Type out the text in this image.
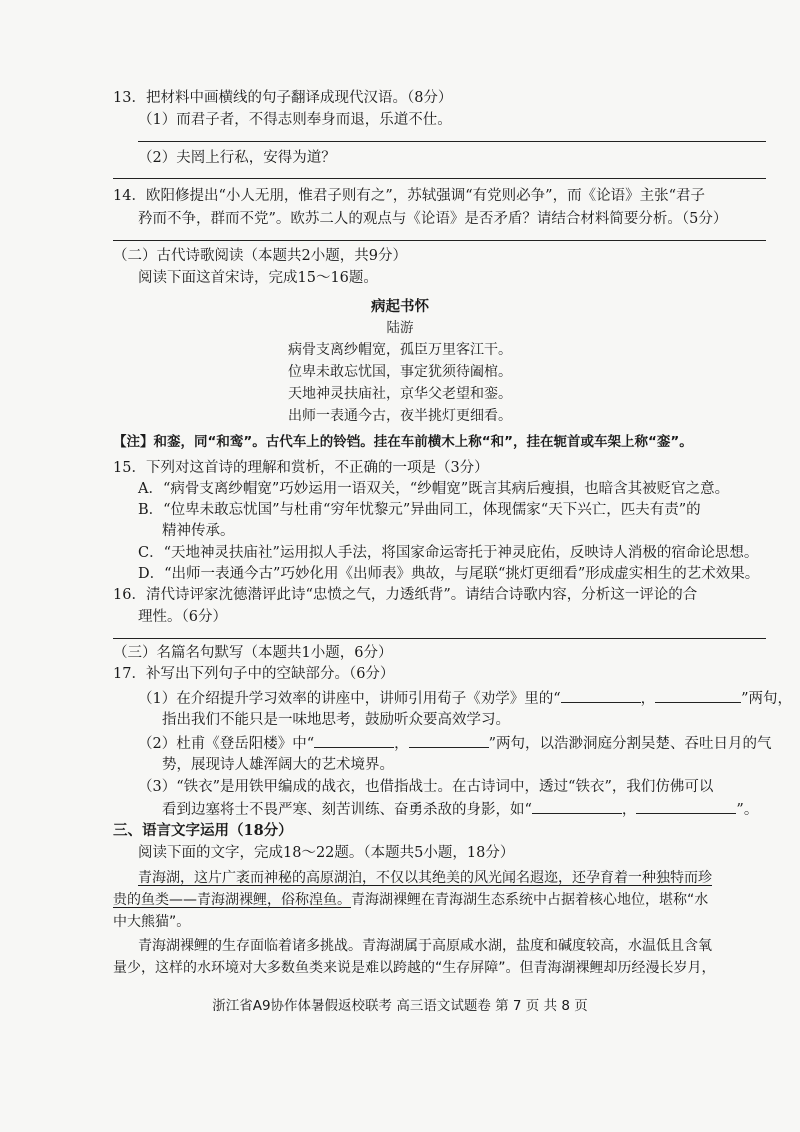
13．把材料中画横线的句子翻译成现代汉语。（8分）
（1）而君子者，不得志则奉身而退，乐道不仕。
（2）夫罔上行私，安得为道？
14．欧阳修提出“小人无朋，惟君子则有之”，苏轼强调“有党则必争”，而《论语》主张“君子
矜而不争，群而不党”。欧苏二人的观点与《论语》是否矛盾？请结合材料简要分析。（5分）
（二）古代诗歌阅读（本题共2小题，共9分）
阅读下面这首宋诗，完成15～16题。
病起书怀
陆游
病骨支离纱帽宽，孤臣万里客江干。
位卑未敢忘忧国，事定犹须待阖棺。
天地神灵扶庙社，京华父老望和銮。
出师一表通今古，夜半挑灯更细看。
【注】和銮，同“和鸾”。古代车上的铃铛。挂在车前横木上称“和”，挂在轭首或车架上称“銮”。
15．下列对这首诗的理解和赏析，不正确的一项是（3分）
A．“病骨支离纱帽宽”巧妙运用一语双关，“纱帽宽”既言其病后瘦損，也暗含其被贬官之意。
B．“位卑未敢忘忧国”与杜甫“穷年忧黎元”异曲同工，体现儒家“天下兴亡，匹夫有责”的
精神传承。
C．“天地神灵扶庙社”运用拟人手法，将国家命运寄托于神灵庇佑，反映诗人消极的宿命论思想。
D．“出师一表通今古”巧妙化用《出师表》典故，与尾联“挑灯更细看”形成虚实相生的艺术效果。
16．清代诗评家沈德潜评此诗“忠愤之气，力透纸背”。请结合诗歌内容，分析这一评论的合
理性。（6分）
（三）名篇名句默写（本题共1小题，6分）
17．补写出下列句子中的空缺部分。（6分）
（1）在介绍提升学习效率的讲座中，讲师引用荀子《劝学》里的“	，	”两句，
指出我们不能只是一味地思考，鼓励听众要高效学习。
（2）杜甫《登岳阳楼》中“	，	”两句，以浩渺洞庭分割吴楚、吞吐日月的气
势，展现诗人雄浑阔大的艺术境界。
（3）“铁衣”是用铁甲编成的战衣，也借指战士。在古诗词中，透过“铁衣”，我们仿佛可以
看到边塞将士不畏严寒、刻苦训练、奋勇杀敌的身影，如“	，	”。
三、语言文字运用（18分）
阅读下面的文字，完成18～22题。（本题共5小题，18分）
青海湖，这片广袤而神秘的高原湖泊，不仅以其绝美的风光闻名遐迩，还孕育着一种独特而珍
贵的鱼类——青海湖裸鲤，俗称湟鱼。青海湖裸鲤在青海湖生态系统中占据着核心地位，堪称“水
中大熊猫”。
青海湖裸鲤的生存面临着诸多挑战。青海湖属于高原咸水湖，盐度和碱度较高，水温低且含氧
量少，这样的水环境对大多数鱼类来说是难以跨越的“生存屏障”。但青海湖裸鲤却历经漫长岁月，
浙江省A9协作体暑假返校联考 高三语文试题卷 第 7 页 共 8 页
